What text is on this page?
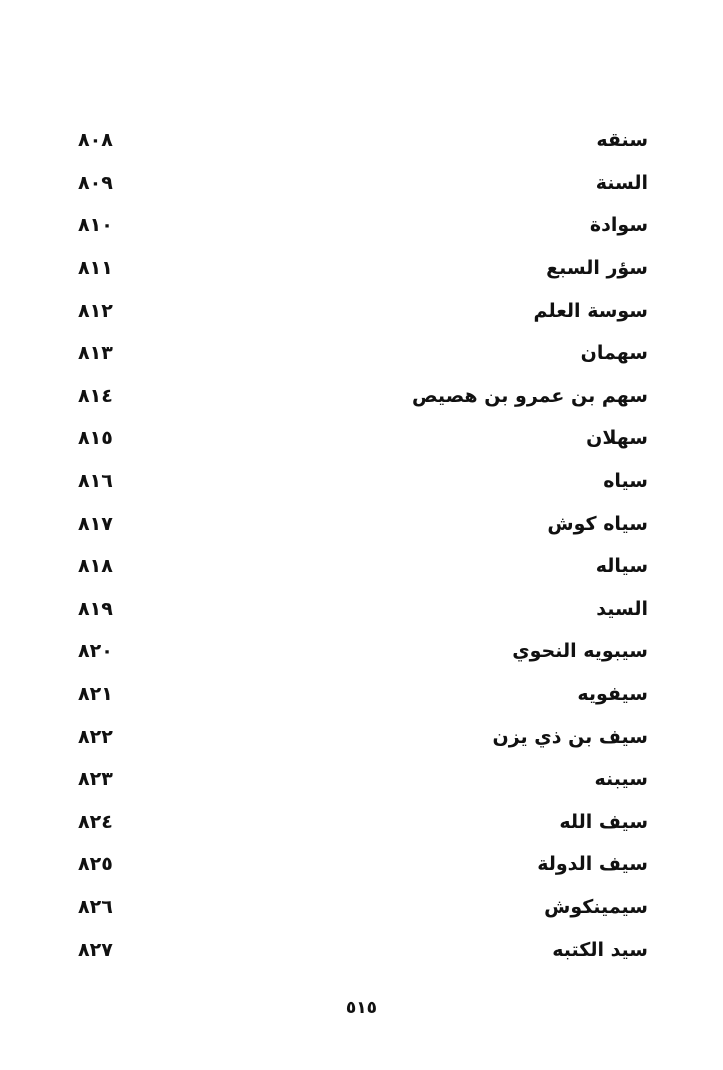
سنقه
٨٠٨
السنة
٨٠٩
سوادة
٨١٠
سؤر السبع
٨١١
سوسة العلم
٨١٢
سهمان
٨١٣
سهم بن عمرو بن هصيص
٨١٤
سهلان
٨١٥
سياه
٨١٦
سياه كوش
٨١٧
سياله
٨١٨
السيد
٨١٩
سيبويه النحوي
٨٢٠
سيفويه
٨٢١
سيف بن ذي يزن
٨٢٢
سيبنه
٨٢٣
سيف الله
٨٢٤
سيف الدولة
٨٢٥
سيمينكوش
٨٢٦
سيد الكتبه
٨٢٧
٥١٥
